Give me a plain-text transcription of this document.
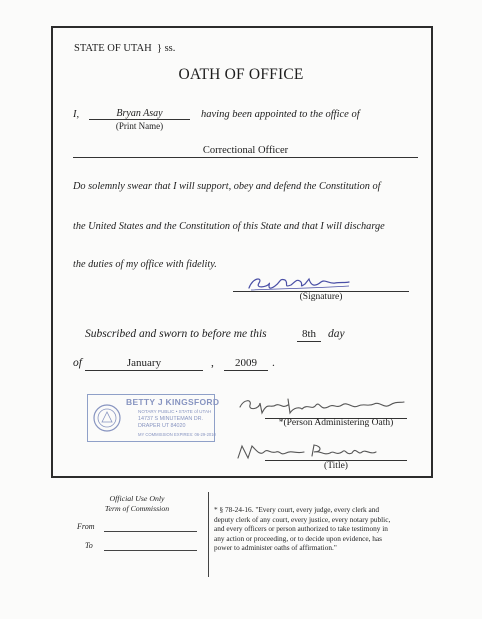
STATE OF UTAH } ss.
OATH OF OFFICE
I,	Bryan Asay
(Print Name)
having been appointed to the office of
Correctional Officer
Do solemnly swear that I will support, obey and defend the Constitution of
the United States and the Constitution of this State and that I will discharge
the duties of my office with fidelity.
(Signature)
Subscribed and sworn to before me this	8th	day
of	January	,	2009	.
BETTY J KINGSFORD
NOTARY PUBLIC • STATE of UTAH
14737 S MINUTEMAN DR.
DRAPER UT 84020
MY COMMISSION EXPIRES: 06-29-2010
*(Person Administering Oath)
(Title)
Official Use Only
Term of Commission
From
To
* § 78-24-16. "Every court, every judge, every clerk and
deputy clerk of any court, every justice, every notary public,
and every officers or person authorized to take testimony in
any action or proceeding, or to decide upon evidence, has
power to administer oaths of affirmation."
